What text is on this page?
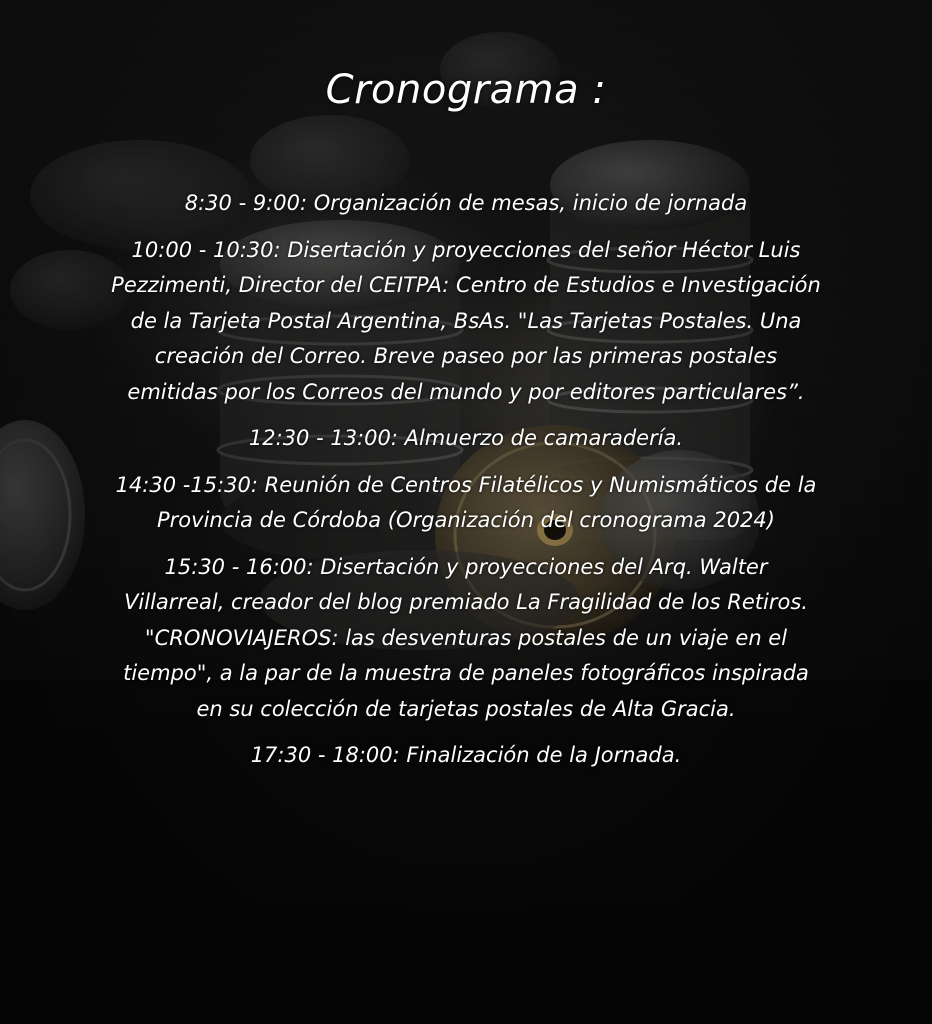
Cronograma :
8:30 - 9:00: Organización de mesas, inicio de jornada
10:00 - 10:30: Disertación y proyecciones del señor Héctor Luis
Pezzimenti, Director del CEITPA: Centro de Estudios e Investigación
de la Tarjeta Postal Argentina, BsAs. "Las Tarjetas Postales. Una
creación del Correo. Breve paseo por las primeras postales
emitidas por los Correos del mundo y por editores particulares”.
12:30 - 13:00: Almuerzo de camaradería.
14:30 -15:30: Reunión de Centros Filatélicos y Numismáticos de la
Provincia de Córdoba (Organización del cronograma 2024)
15:30 - 16:00: Disertación y proyecciones del Arq. Walter
Villarreal, creador del blog premiado La Fragilidad de los Retiros.
"CRONOVIAJEROS: las desventuras postales de un viaje en el
tiempo", a la par de la muestra de paneles fotográficos inspirada
en su colección de tarjetas postales de Alta Gracia.
17:30 - 18:00: Finalización de la Jornada.
